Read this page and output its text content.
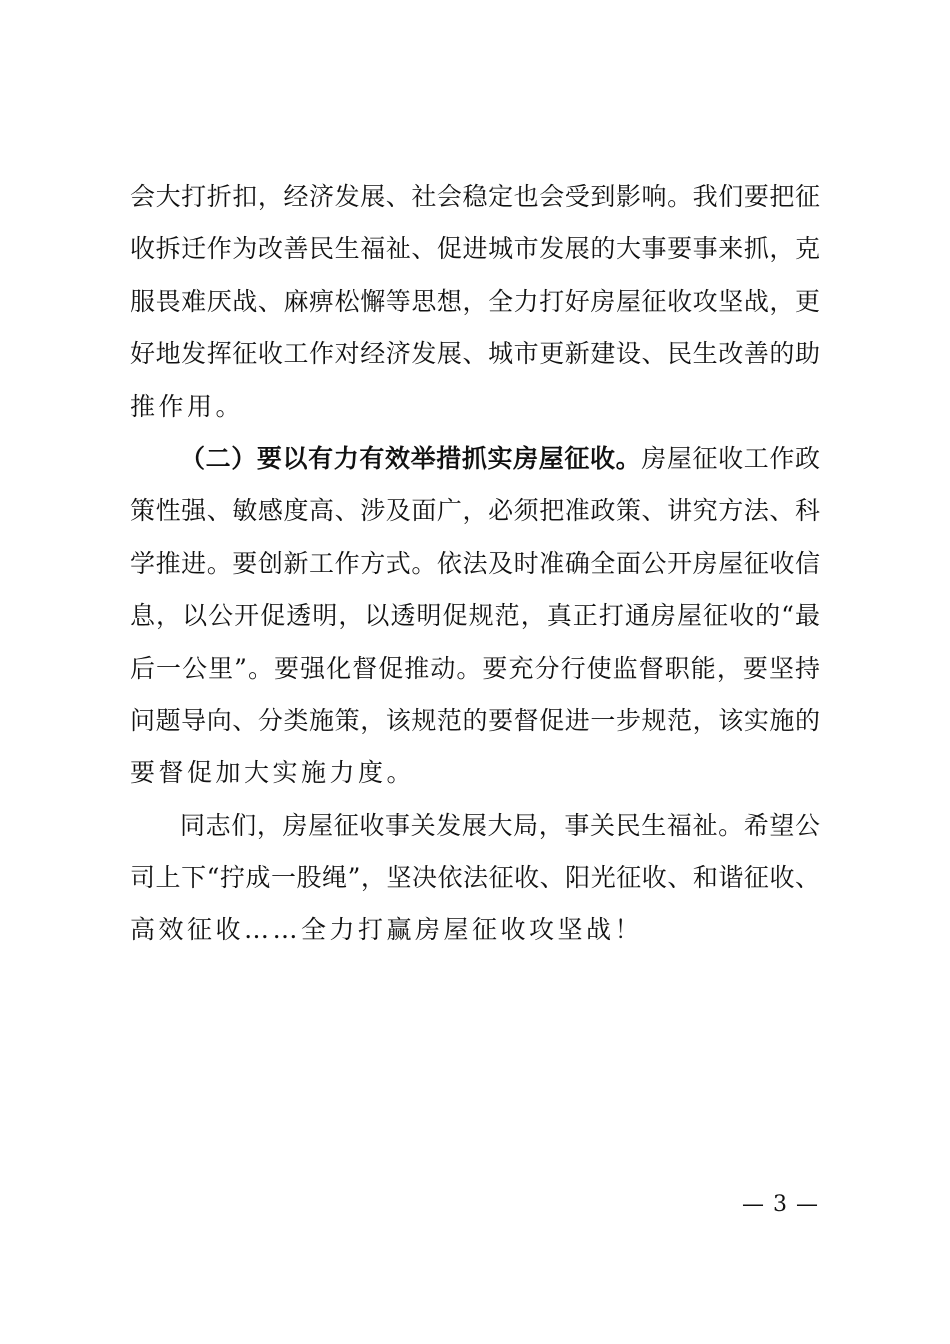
会大打折扣，经济发展、社会稳定也会受到影响。我们要把征
收拆迁作为改善民生福祉、促进城市发展的大事要事来抓，克
服畏难厌战、麻痹松懈等思想，全力打好房屋征收攻坚战，更
好地发挥征收工作对经济发展、城市更新建设、民生改善的助
推作用。
（二）要以有力有效举措抓实房屋征收。房屋征收工作政
策性强、敏感度高、涉及面广，必须把准政策、讲究方法、科
学推进。要创新工作方式。依法及时准确全面公开房屋征收信
息，以公开促透明，以透明促规范，真正打通房屋征收的“最
后一公里”。要强化督促推动。要充分行使监督职能，要坚持
问题导向、分类施策，该规范的要督促进一步规范，该实施的
要督促加大实施力度。
同志们，房屋征收事关发展大局，事关民生福祉。希望公
司上下“拧成一股绳”，坚决依法征收、阳光征收、和谐征收、
高效征收……全力打赢房屋征收攻坚战！
— 3 —
